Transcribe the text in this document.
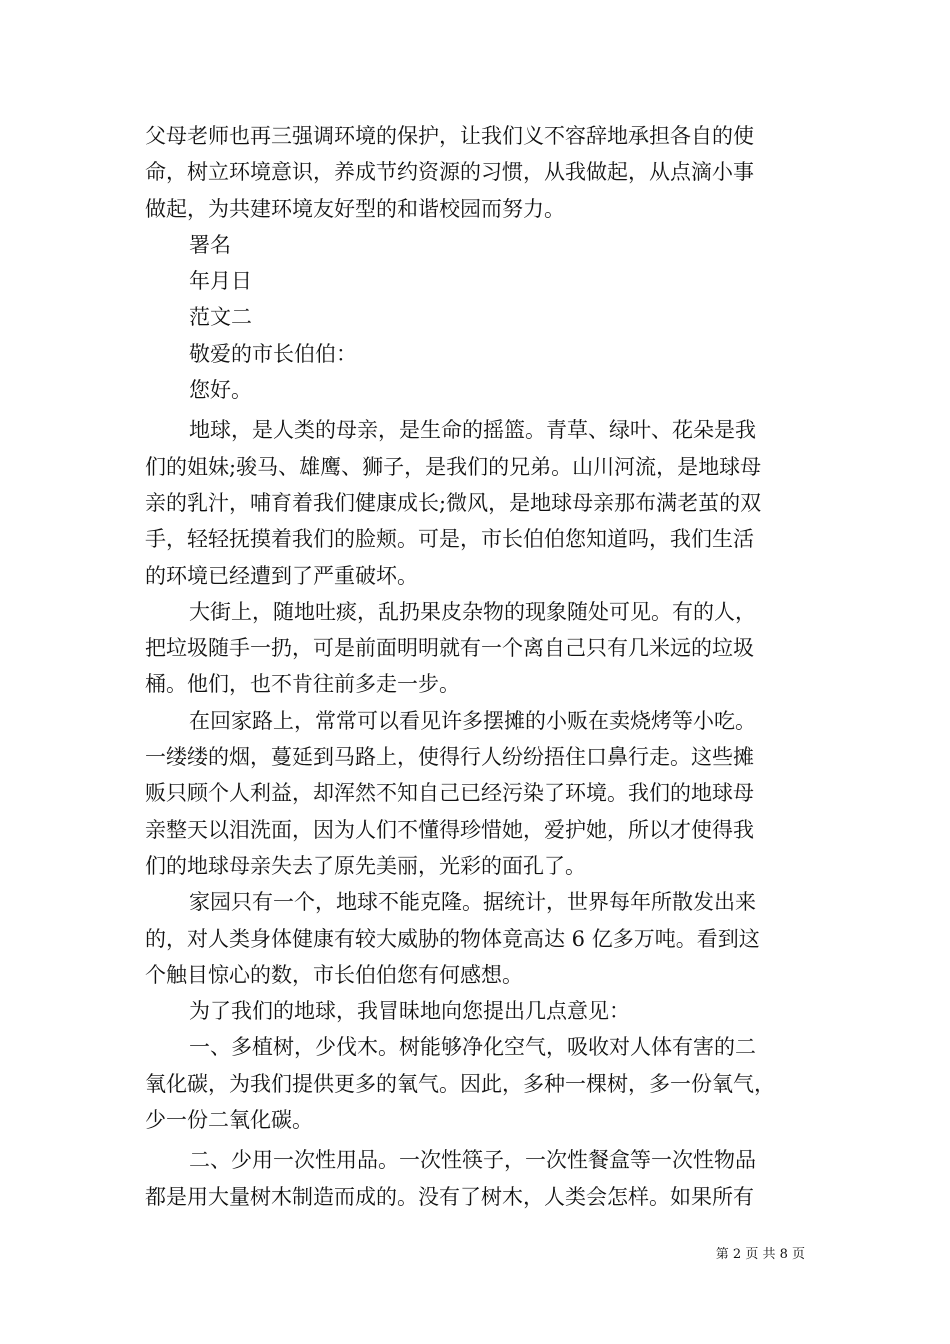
父母老师也再三强调环境的保护，让我们义不容辞地承担各自的使
命，树立环境意识，养成节约资源的习惯，从我做起，从点滴小事
做起，为共建环境友好型的和谐校园而努力。
署名
年月日
范文二
敬爱的市长伯伯：
您好。
地球，是人类的母亲，是生命的摇篮。青草、绿叶、花朵是我
们的姐妹;骏马、雄鹰、狮子，是我们的兄弟。山川河流，是地球母
亲的乳汁，哺育着我们健康成长;微风，是地球母亲那布满老茧的双
手，轻轻抚摸着我们的脸颊。可是，市长伯伯您知道吗，我们生活
的环境已经遭到了严重破坏。
大街上，随地吐痰，乱扔果皮杂物的现象随处可见。有的人，
把垃圾随手一扔，可是前面明明就有一个离自己只有几米远的垃圾
桶。他们，也不肯往前多走一步。
在回家路上，常常可以看见许多摆摊的小贩在卖烧烤等小吃。
一缕缕的烟，蔓延到马路上，使得行人纷纷捂住口鼻行走。这些摊
贩只顾个人利益，却浑然不知自己已经污染了环境。我们的地球母
亲整天以泪洗面，因为人们不懂得珍惜她，爱护她，所以才使得我
们的地球母亲失去了原先美丽，光彩的面孔了。
家园只有一个，地球不能克隆。据统计，世界每年所散发出来
的，对人类身体健康有较大威胁的物体竟高达 6 亿多万吨。看到这
个触目惊心的数，市长伯伯您有何感想。
为了我们的地球，我冒昧地向您提出几点意见：
一、多植树，少伐木。树能够净化空气，吸收对人体有害的二
氧化碳，为我们提供更多的氧气。因此，多种一棵树，多一份氧气，
少一份二氧化碳。
二、少用一次性用品。一次性筷子，一次性餐盒等一次性物品
都是用大量树木制造而成的。没有了树木，人类会怎样。如果所有
第 2 页 共 8 页
